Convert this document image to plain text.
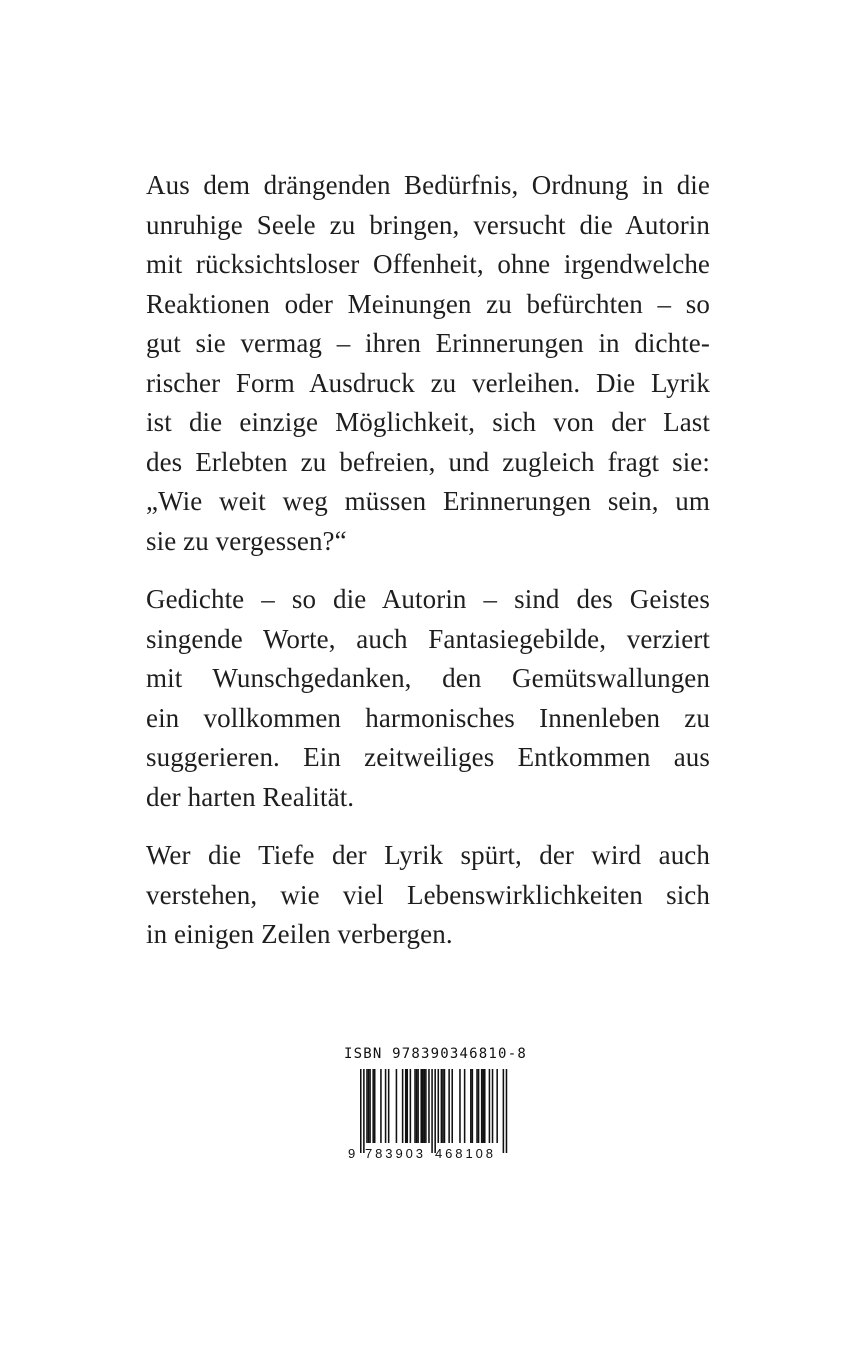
Aus dem drängenden Bedürfnis, Ordnung in die
unruhige Seele zu bringen, versucht die Autorin
mit rücksichtsloser Offenheit, ohne irgendwelche
Reaktionen oder Meinungen zu befürchten – so
gut sie vermag – ihren Erinnerungen in dichte-
rischer Form Ausdruck zu verleihen. Die Lyrik
ist die einzige Möglichkeit, sich von der Last
des Erlebten zu befreien, und zugleich fragt sie:
„Wie weit weg müssen Erinnerungen sein, um
sie zu vergessen?“

Gedichte – so die Autorin – sind des Geistes
singende Worte, auch Fantasiegebilde, verziert
mit Wunschgedanken, den Gemütswallungen
ein vollkommen harmonisches Innenleben zu
suggerieren. Ein zeitweiliges Entkommen aus
der harten Realität.

Wer die Tiefe der Lyrik spürt, der wird auch
verstehen, wie viel Lebenswirklichkeiten sich
in einigen Zeilen verbergen.

ISBN 978390346810-8
9 783903 468108
